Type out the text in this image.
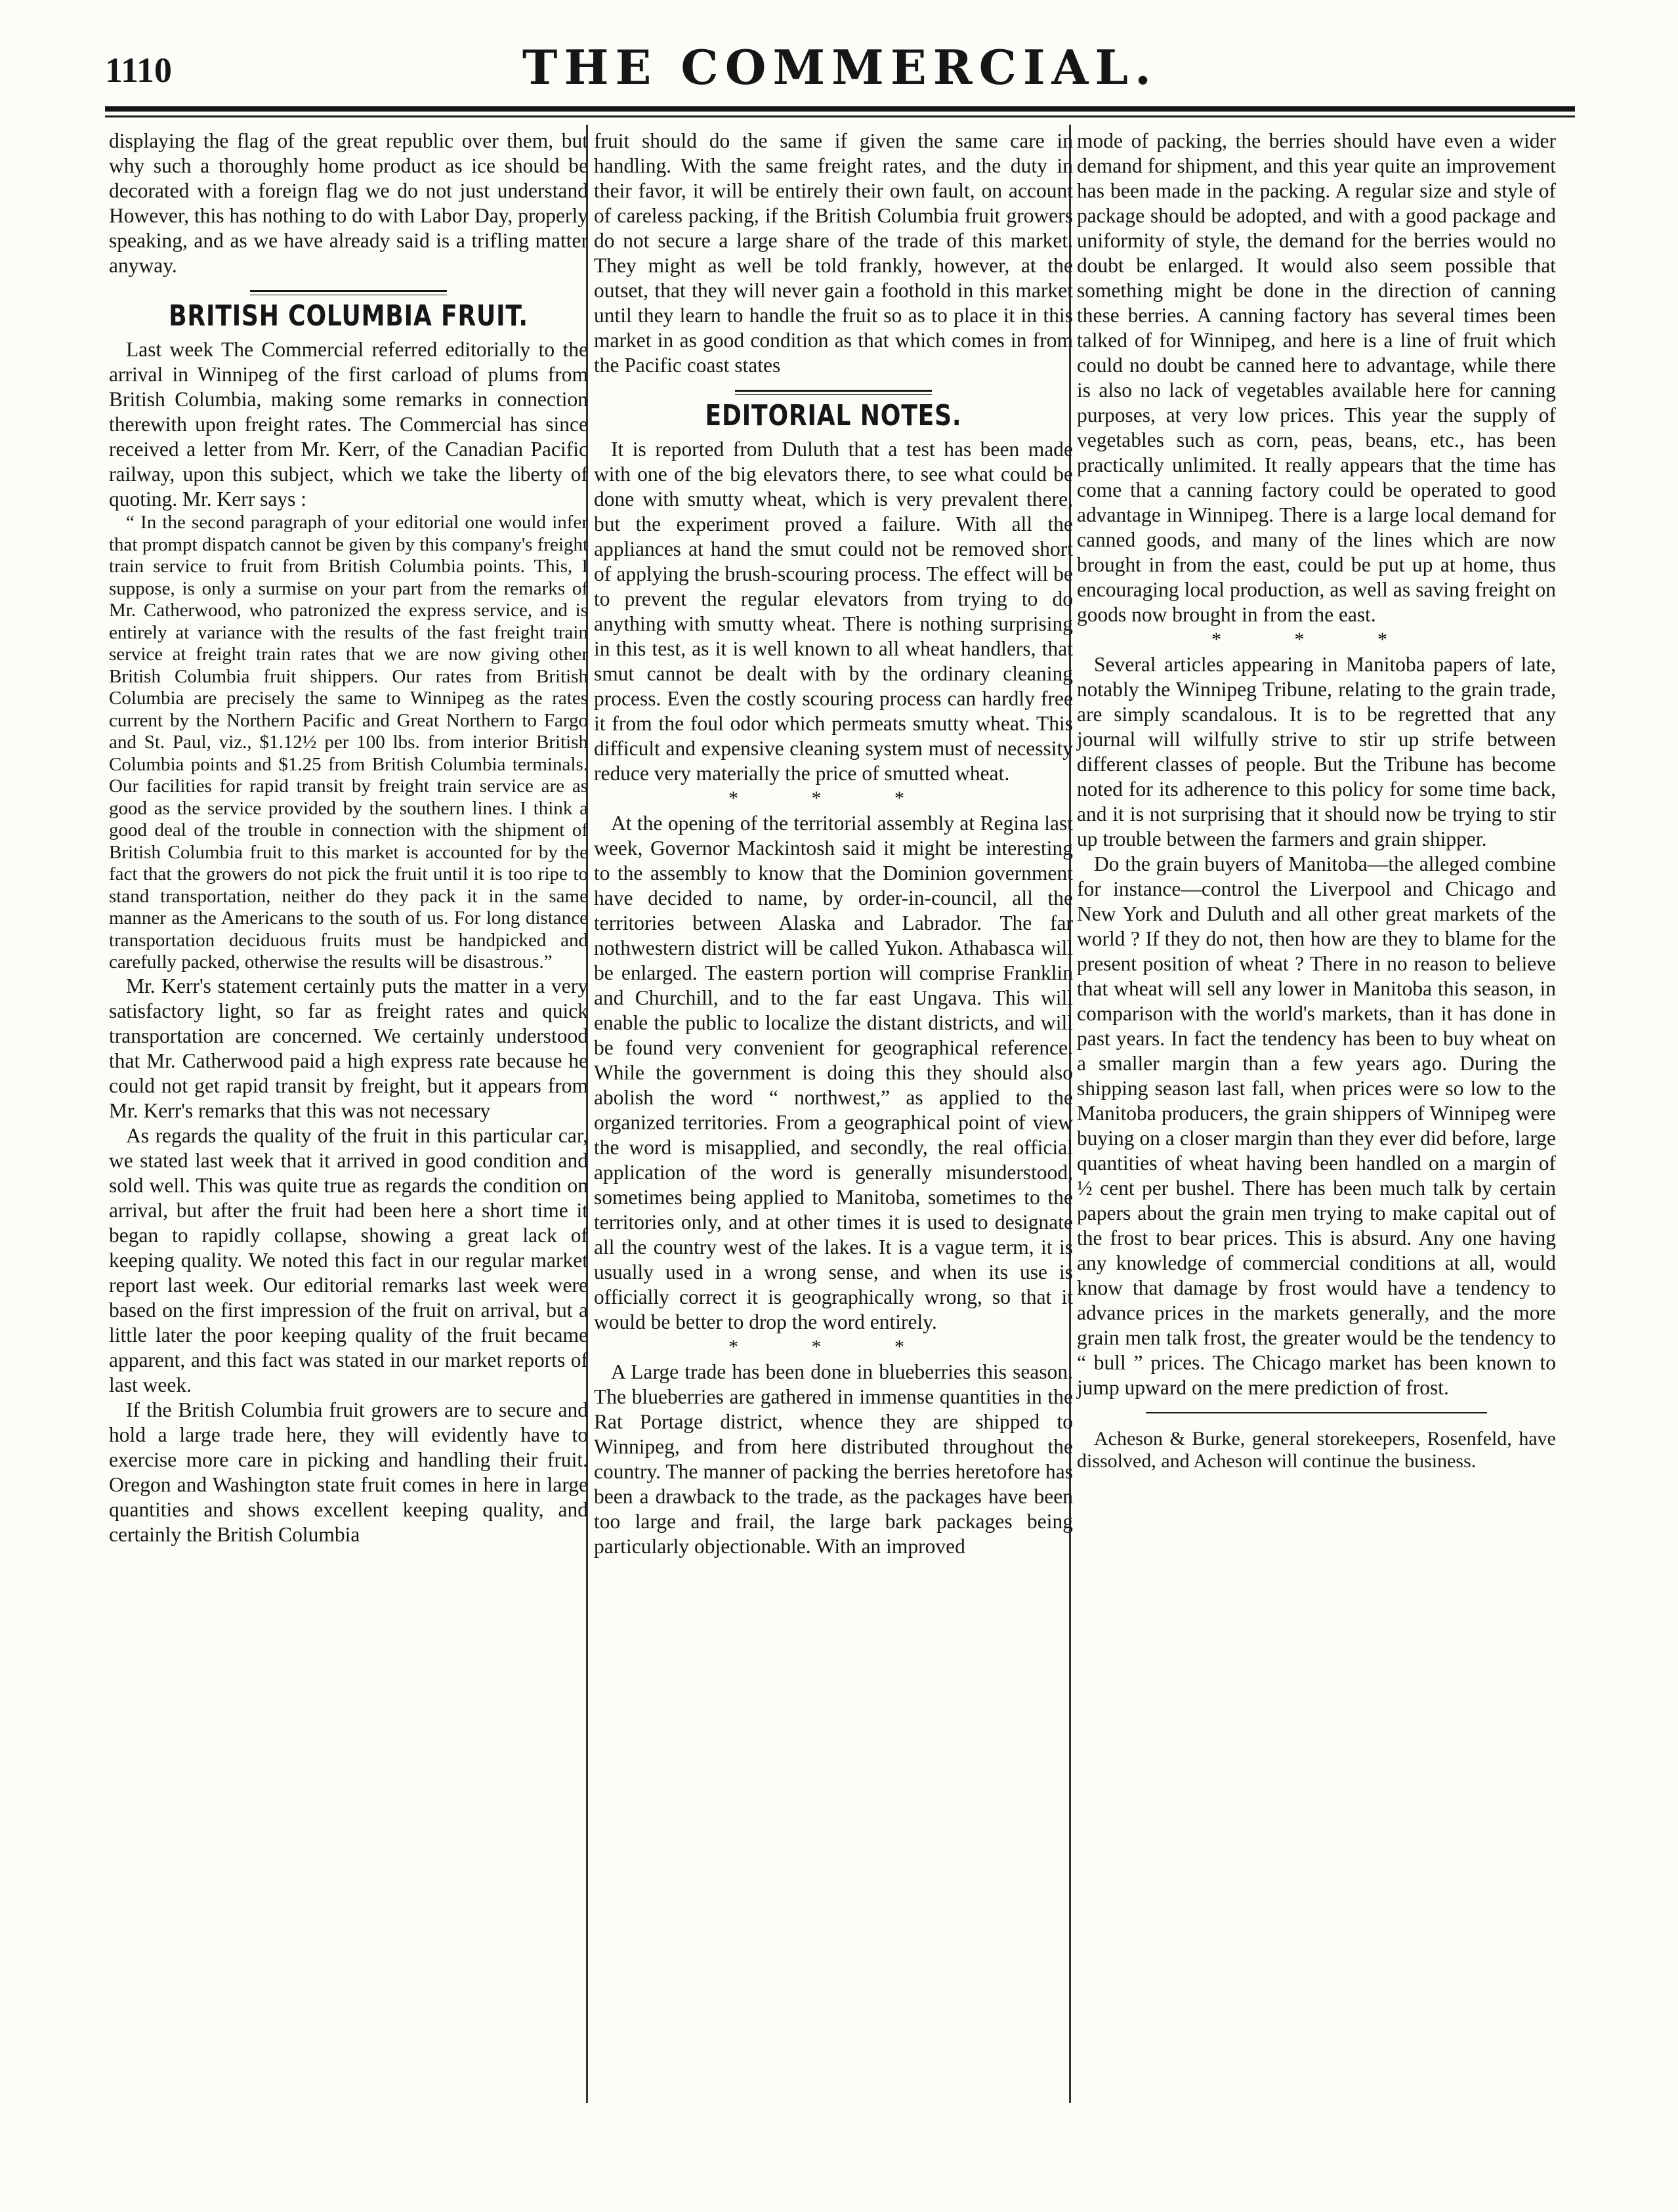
1110	THE COMMERCIAL.

displaying the flag of the great republic over them, but why such a thoroughly home product as ice should be decorated with a foreign flag we do not just understand However, this has nothing to do with Labor Day, properly speaking, and as we have already said is a trifling matter anyway.

BRITISH COLUMBIA FRUIT.

Last week The Commercial referred editorially to the arrival in Winnipeg of the first carload of plums from British Columbia, making some remarks in connection therewith upon freight rates. The Commercial has since received a letter from Mr. Kerr, of the Canadian Pacific railway, upon this subject, which we take the liberty of quoting. Mr. Kerr says :

“ In the second paragraph of your editorial one would infer that prompt dispatch cannot be given by this company's freight train service to fruit from British Columbia points. This, I suppose, is only a surmise on your part from the remarks of Mr. Catherwood, who patronized the express service, and is entirely at variance with the results of the fast freight train service at freight train rates that we are now giving other British Columbia fruit shippers. Our rates from British Columbia are precisely the same to Winnipeg as the rates current by the Northern Pacific and Great Northern to Fargo and St. Paul, viz., $1.12½ per 100 lbs. from interior British Columbia points and $1.25 from British Columbia terminals. Our facilities for rapid transit by freight train service are as good as the service provided by the southern lines. I think a good deal of the trouble in connection with the shipment of British Columbia fruit to this market is accounted for by the fact that the growers do not pick the fruit until it is too ripe to stand transportation, neither do they pack it in the same manner as the Americans to the south of us. For long distance transportation deciduous fruits must be handpicked and carefully packed, otherwise the results will be disastrous.”

Mr. Kerr's statement certainly puts the matter in a very satisfactory light, so far as freight rates and quick transportation are concerned. We certainly understood that Mr. Catherwood paid a high express rate because he could not get rapid transit by freight, but it appears from Mr. Kerr's remarks that this was not necessary

As regards the quality of the fruit in this particular car, we stated last week that it arrived in good condition and sold well. This was quite true as regards the condition on arrival, but after the fruit had been here a short time it began to rapidly collapse, showing a great lack of keeping quality. We noted this fact in our regular market report last week. Our editorial remarks last week were based on the first impression of the fruit on arrival, but a little later the poor keeping quality of the fruit became apparent, and this fact was stated in our market reports of last week.

If the British Columbia fruit growers are to secure and hold a large trade here, they will evidently have to exercise more care in picking and handling their fruit. Oregon and Washington state fruit comes in here in large quantities and shows excellent keeping quality, and certainly the British Columbia

fruit should do the same if given the same care in handling. With the same freight rates, and the duty in their favor, it will be entirely their own fault, on account of careless packing, if the British Columbia fruit growers do not secure a large share of the trade of this market. They might as well be told frankly, however, at the outset, that they will never gain a foothold in this market until they learn to handle the fruit so as to place it in this market in as good condition as that which comes in from the Pacific coast states

EDITORIAL NOTES.

It is reported from Duluth that a test has been made with one of the big elevators there, to see what could be done with smutty wheat, which is very prevalent there, but the experiment proved a failure. With all the appliances at hand the smut could not be removed short of applying the brush-scouring process. The effect will be to prevent the regular elevators from trying to do anything with smutty wheat. There is nothing surprising in this test, as it is well known to all wheat handlers, that smut cannot be dealt with by the ordinary cleaning process. Even the costly scouring process can hardly free it from the foul odor which permeats smutty wheat. This difficult and expensive cleaning system must of necessity reduce very materially the price of smutted wheat.

* * *

At the opening of the territorial assembly at Regina last week, Governor Mackintosh said it might be interesting to the assembly to know that the Dominion government have decided to name, by order-in-council, all the territories between Alaska and Labrador. The far nothwestern district will be called Yukon. Athabasca will be enlarged. The eastern portion will comprise Franklin and Churchill, and to the far east Ungava. This will enable the public to localize the distant districts, and will be found very convenient for geographical reference. While the government is doing this they should also abolish the word “ northwest,” as applied to the organized territories. From a geographical point of view the word is misapplied, and secondly, the real official application of the word is generally misunderstood, sometimes being applied to Manitoba, sometimes to the territories only, and at other times it is used to designate all the country west of the lakes. It is a vague term, it is usually used in a wrong sense, and when its use is officially correct it is geographically wrong, so that it would be better to drop the word entirely.

* * *

A Large trade has been done in blueberries this season. The blueberries are gathered in immense quantities in the Rat Portage district, whence they are shipped to Winnipeg, and from here distributed throughout the country. The manner of packing the berries heretofore has been a drawback to the trade, as the packages have been too large and frail, the large bark packages being particularly objectionable. With an improved

mode of packing, the berries should have even a wider demand for shipment, and this year quite an improvement has been made in the packing. A regular size and style of package should be adopted, and with a good package and uniformity of style, the demand for the berries would no doubt be enlarged. It would also seem possible that something might be done in the direction of canning these berries. A canning factory has several times been talked of for Winnipeg, and here is a line of fruit which could no doubt be canned here to advantage, while there is also no lack of vegetables available here for canning purposes, at very low prices. This year the supply of vegetables such as corn, peas, beans, etc., has been practically unlimited. It really appears that the time has come that a canning factory could be operated to good advantage in Winnipeg. There is a large local demand for canned goods, and many of the lines which are now brought in from the east, could be put up at home, thus encouraging local production, as well as saving freight on goods now brought in from the east.

* * *

Several articles appearing in Manitoba papers of late, notably the Winnipeg Tribune, relating to the grain trade, are simply scandalous. It is to be regretted that any journal will wilfully strive to stir up strife between different classes of people. But the Tribune has become noted for its adherence to this policy for some time back, and it is not surprising that it should now be trying to stir up trouble between the farmers and grain shipper.

Do the grain buyers of Manitoba—the alleged combine for instance—control the Liverpool and Chicago and New York and Duluth and all other great markets of the world ? If they do not, then how are they to blame for the present position of wheat ? There in no reason to believe that wheat will sell any lower in Manitoba this season, in comparison with the world's markets, than it has done in past years. In fact the tendency has been to buy wheat on a smaller margin than a few years ago. During the shipping season last fall, when prices were so low to the Manitoba producers, the grain shippers of Winnipeg were buying on a closer margin than they ever did before, large quantities of wheat having been handled on a margin of ½ cent per bushel. There has been much talk by certain papers about the grain men trying to make capital out of the frost to bear prices. This is absurd. Any one having any knowledge of commercial conditions at all, would know that damage by frost would have a tendency to advance prices in the markets generally, and the more grain men talk frost, the greater would be the tendency to “ bull ” prices. The Chicago market has been known to jump upward on the mere prediction of frost.

Acheson & Burke, general storekeepers, Rosenfeld, have dissolved, and Acheson will continue the business.
